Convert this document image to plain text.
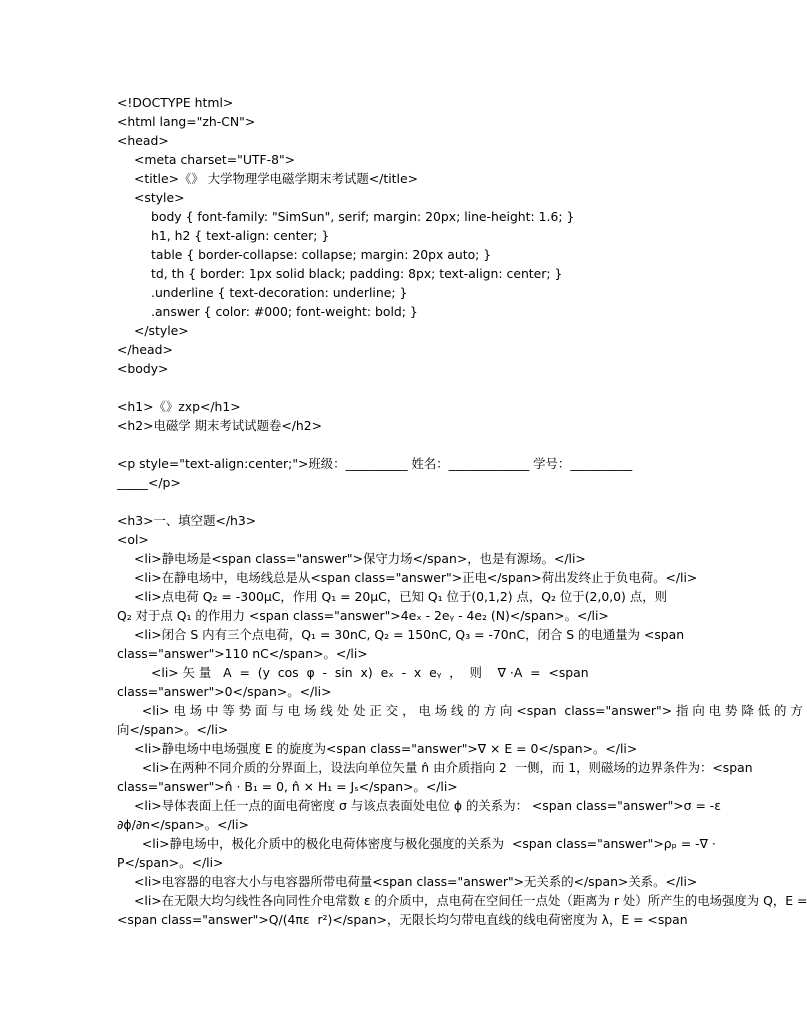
<!DOCTYPE html>
<html lang="zh-CN">
<head>
<meta charset="UTF-8">
<title>《》 大学物理学电磁学期末考试题</title>
<style>
body { font-family: "SimSun", serif; margin: 20px; line-height: 1.6; }
h1, h2 { text-align: center; }
table { border-collapse: collapse; margin: 20px auto; }
td, th { border: 1px solid black; padding: 8px; text-align: center; }
.underline { text-decoration: underline; }
.answer { color: #000; font-weight: bold; }
</style>
</head>
<body>
<h1>《》zxp</h1>
<h2>电磁学 期末考试试题卷</h2>
<p style="text-align:center;">班级：__________ 姓名：_____________ 学号：__________
_____</p>
<h3>一、填空题</h3>
<ol>
<li>静电场是<span class="answer">保守力场</span>，也是有源场。</li>
<li>在静电场中，电场线总是从<span class="answer">正电</span>荷出发终止于负电荷。</li>
<li>点电荷 Q₂ = -300μC，作用 Q₁ = 20μC，已知 Q₁ 位于(0,1,2) 点，Q₂ 位于(2,0,0) 点，则
Q₂ 对于点 Q₁ 的作用力 <span class="answer">4eₓ - 2eᵧ - 4e₂ (N)</span>。</li>
<li>闭合 S 内有三个点电荷，Q₁ = 30nC, Q₂ = 150nC, Q₃ = -70nC，闭合 S 的电通量为 <span
class="answer">110 nC</span>。</li>
<li> 矢 量   A  =  (y  cos  φ  -  sin  x)  eₓ  -  x  eᵧ  ，  则    ∇ ·A  =  <span
class="answer">0</span>。</li>
<li> 电 场 中 等 势 面 与 电 场 线 处 处 正 交 ， 电 场 线 的 方 向 <span  class="answer"> 指 向 电 势 降 低 的 方
向</span>。</li>
<li>静电场中电场强度 E 的旋度为<span class="answer">∇ × E = 0</span>。</li>
<li>在两种不同介质的分界面上，设法向单位矢量 n̂ 由介质指向 2  一侧，而 1，则磁场的边界条件为：<span
class="answer">n̂ · B₁ = 0, n̂ × H₁ = Jₛ</span>。</li>
<li>导体表面上任一点的面电荷密度 σ 与该点表面处电位 ϕ 的关系为： <span class="answer">σ = -ε
∂ϕ/∂n</span>。</li>
<li>静电场中，极化介质中的极化电荷体密度与极化强度的关系为  <span class="answer">ρₚ = -∇ ·
P</span>。</li>
<li>电容器的电容大小与电容器所带电荷量<span class="answer">无关系的</span>关系。</li>
<li>在无限大均匀线性各向同性介电常数 ε 的介质中，点电荷在空间任一点处（距离为 r 处）所产生的电场强度为 Q，E =
<span class="answer">Q/(4πε  r²)</span>，无限长均匀带电直线的线电荷密度为 λ，E = <span
